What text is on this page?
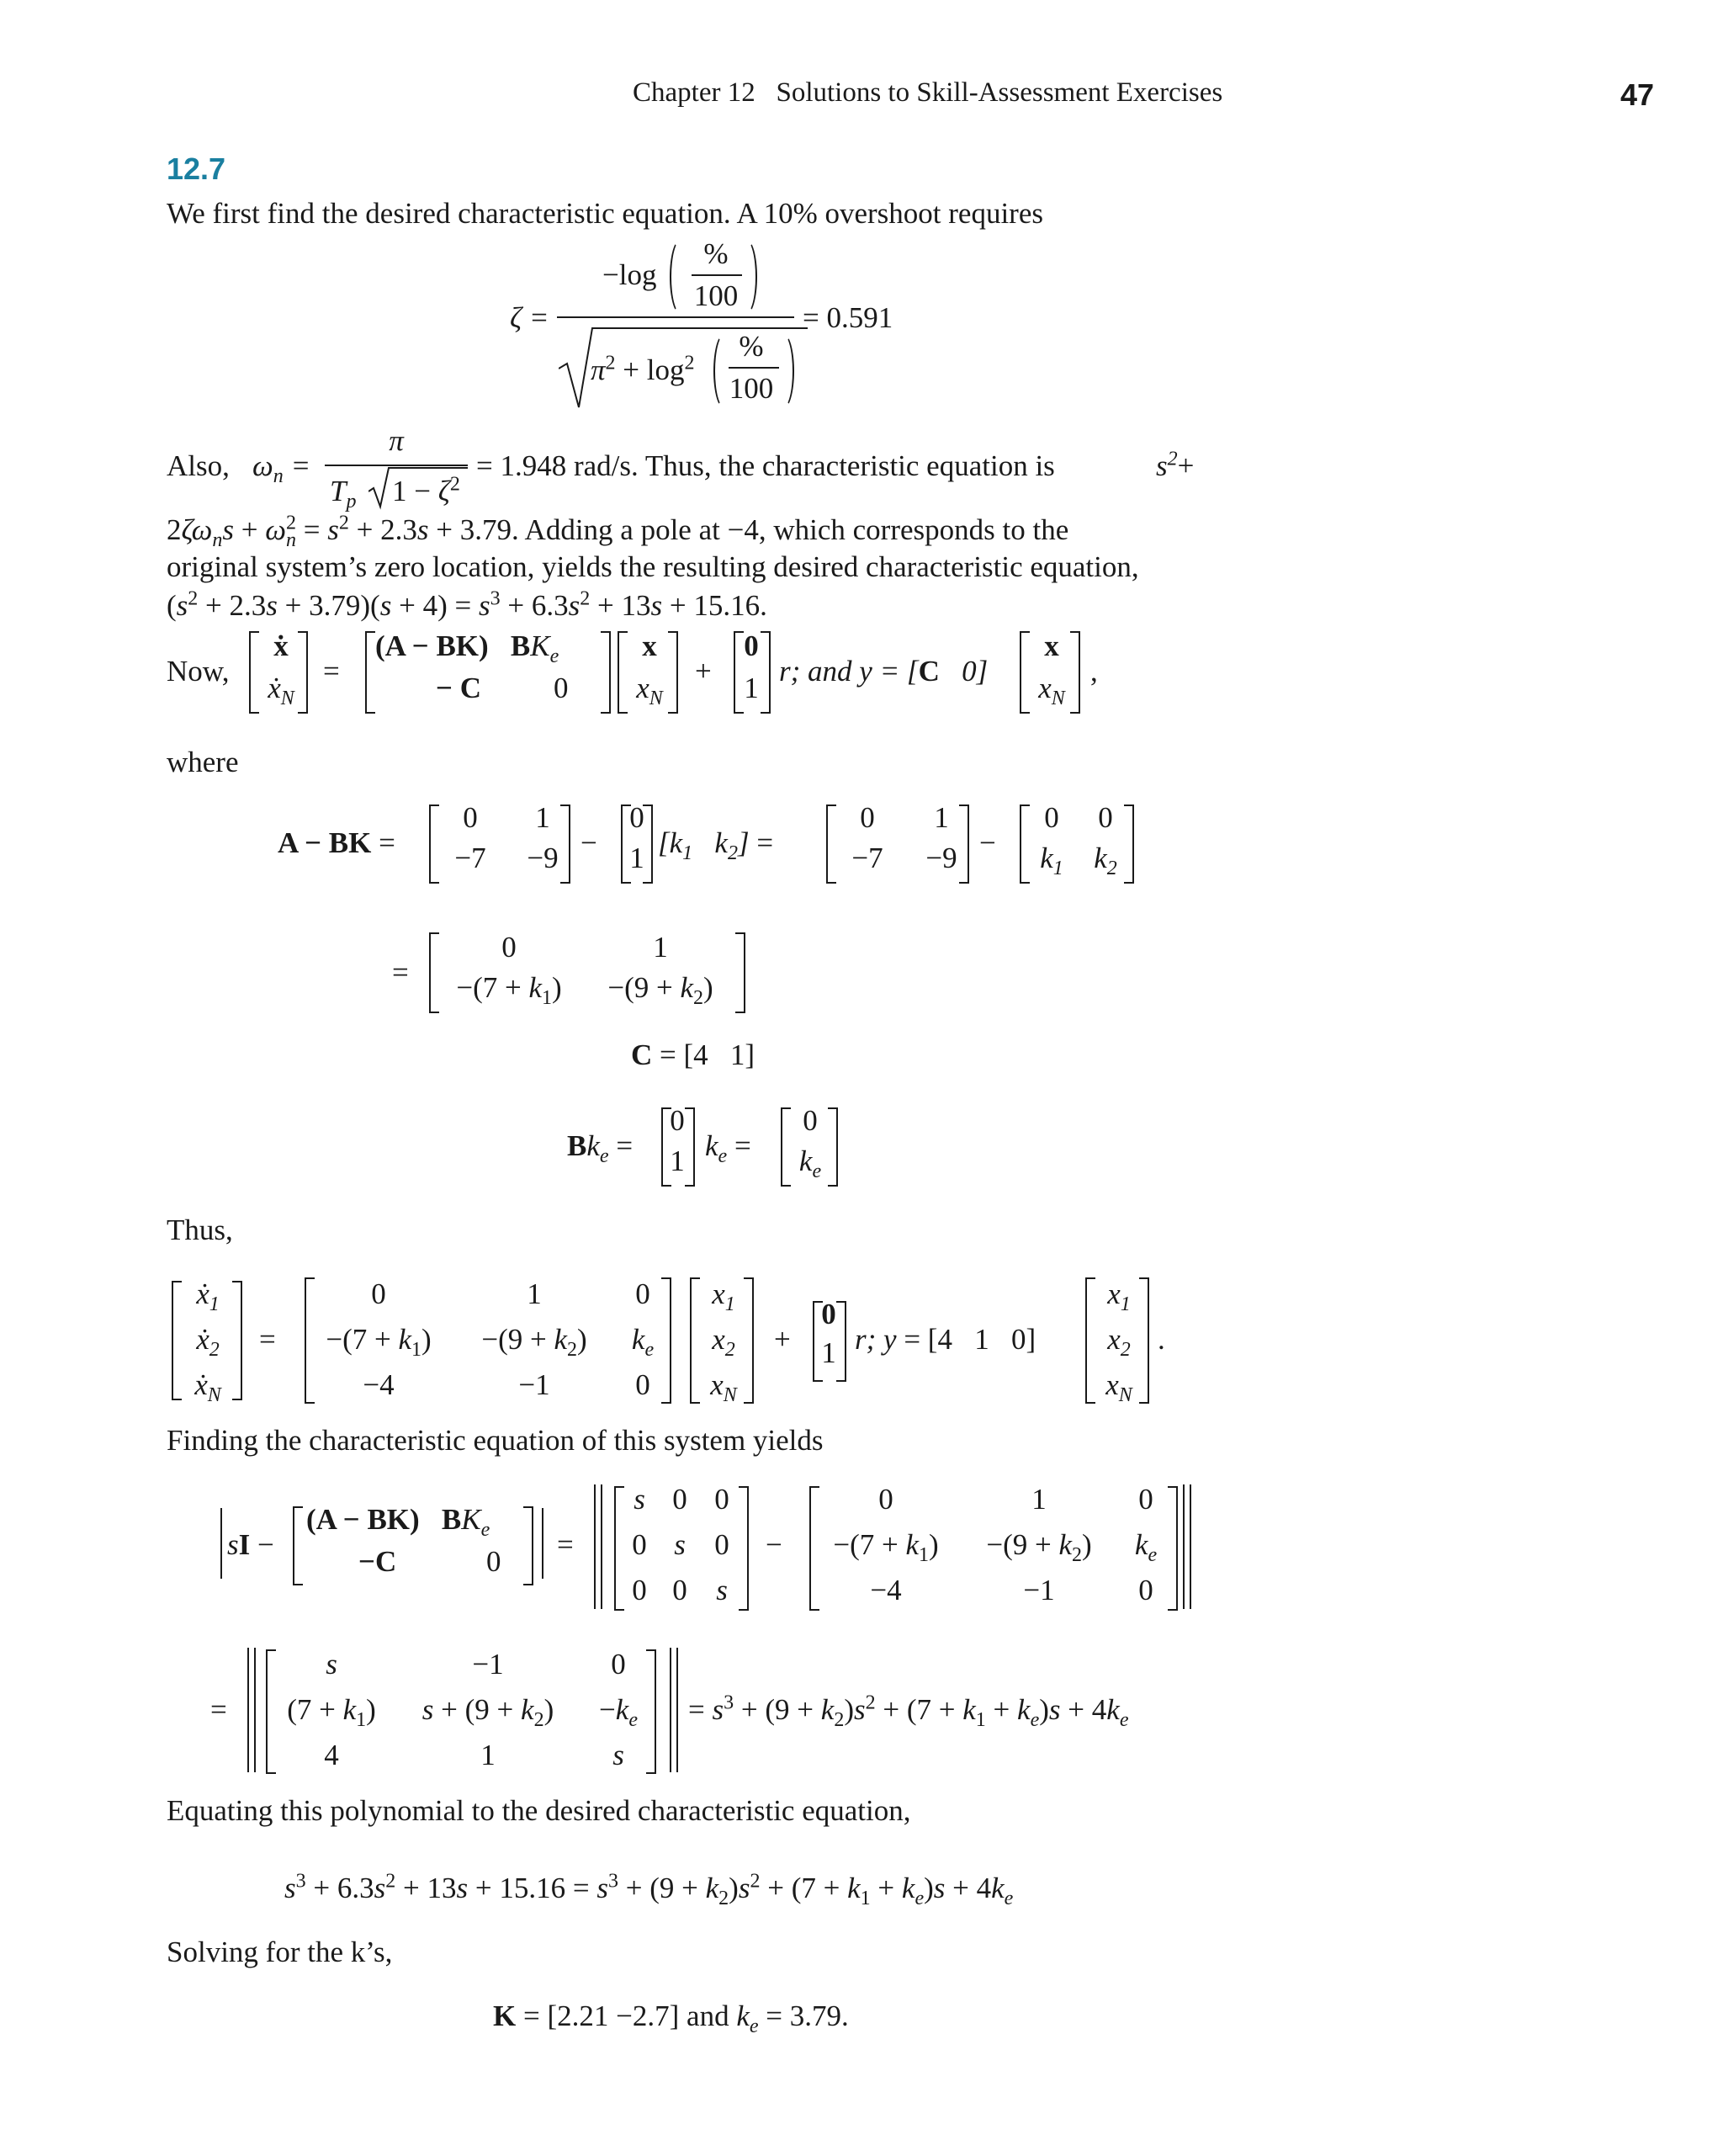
Chapter 12 Solutions to Skill-Assessment Exercises	47
12.7
We first find the desired characteristic equation. A 10% overshoot requires
ζ =
−log
%
100
$\pi^2 + \log^2$
%
100
= 0.591
Also, $\omega_n$ =
π
$T_p$ $1 - \zeta^2$
= 1.948 rad/s. Thus, the characteristic equation is	$s^2+$
$2\zeta\omega_ns + \omega^2_n = s^2 + 2.3s + 3.79$. Adding a pole at −4, which corresponds to the
original system’s zero location, yields the resulting desired characteristic equation,
$(s^2 + 2.3s + 3.79)(s + 4) = s^3 + 6.3s^2 + 13s + 15.16$.
Now,
ẋ
ẋ$_N$
=
(A − BK) $BK_e$
− C 0
x
$x_N$
+
0
1
r; and y = [C   0]
x
$x_N$
,
where
A − BK =
0	1
−7	−9 −
0
1 [$k_1$   $k_2$] =
0	1
−7	−9 −
0	0
$k_1$	$k_2$
=
0	1
$-(7 + k_1)$	$-(9 + k_2)$
C = [4   1]
$Bk_e$ =
0
1 $k_e$ =
0
$k_e$
Thus,
ẋ$_1$
ẋ$_2$
ẋ$_N$
=
0	1	0
$-(7 + k_1)$	$-(9 + k_2)$	$k_e$
−4	−1	0
$x_1$
$x_2$
$x_N$
+
0
1 r; y = [4   1   0]
$x_1$
$x_2$
$x_N$
.
Finding the characteristic equation of this system yields
sI −
(A − BK) $BK_e$
−C	0
=
s 0 0
0 s 0
0 0 s
−
0	1	0
$-(7 + k_1)$	$-(9 + k_2)$	$k_e$
−4	−1	0
=
s	−1	0
$(7 + k_1)$	$s + (9 + k_2)$	$-k_e$
4	1	s
= $s^3 + (9 + k_2)s^2 + (7 + k_1 + k_e)s + 4k_e$
Equating this polynomial to the desired characteristic equation,
$s^3 + 6.3s^2 + 13s + 15.16 = s^3 + (9 + k_2)s^2 + (7 + k_1 + k_e)s + 4k_e$
Solving for the k’s,
K = [2.21 −2.7] and $k_e = 3.79$.
